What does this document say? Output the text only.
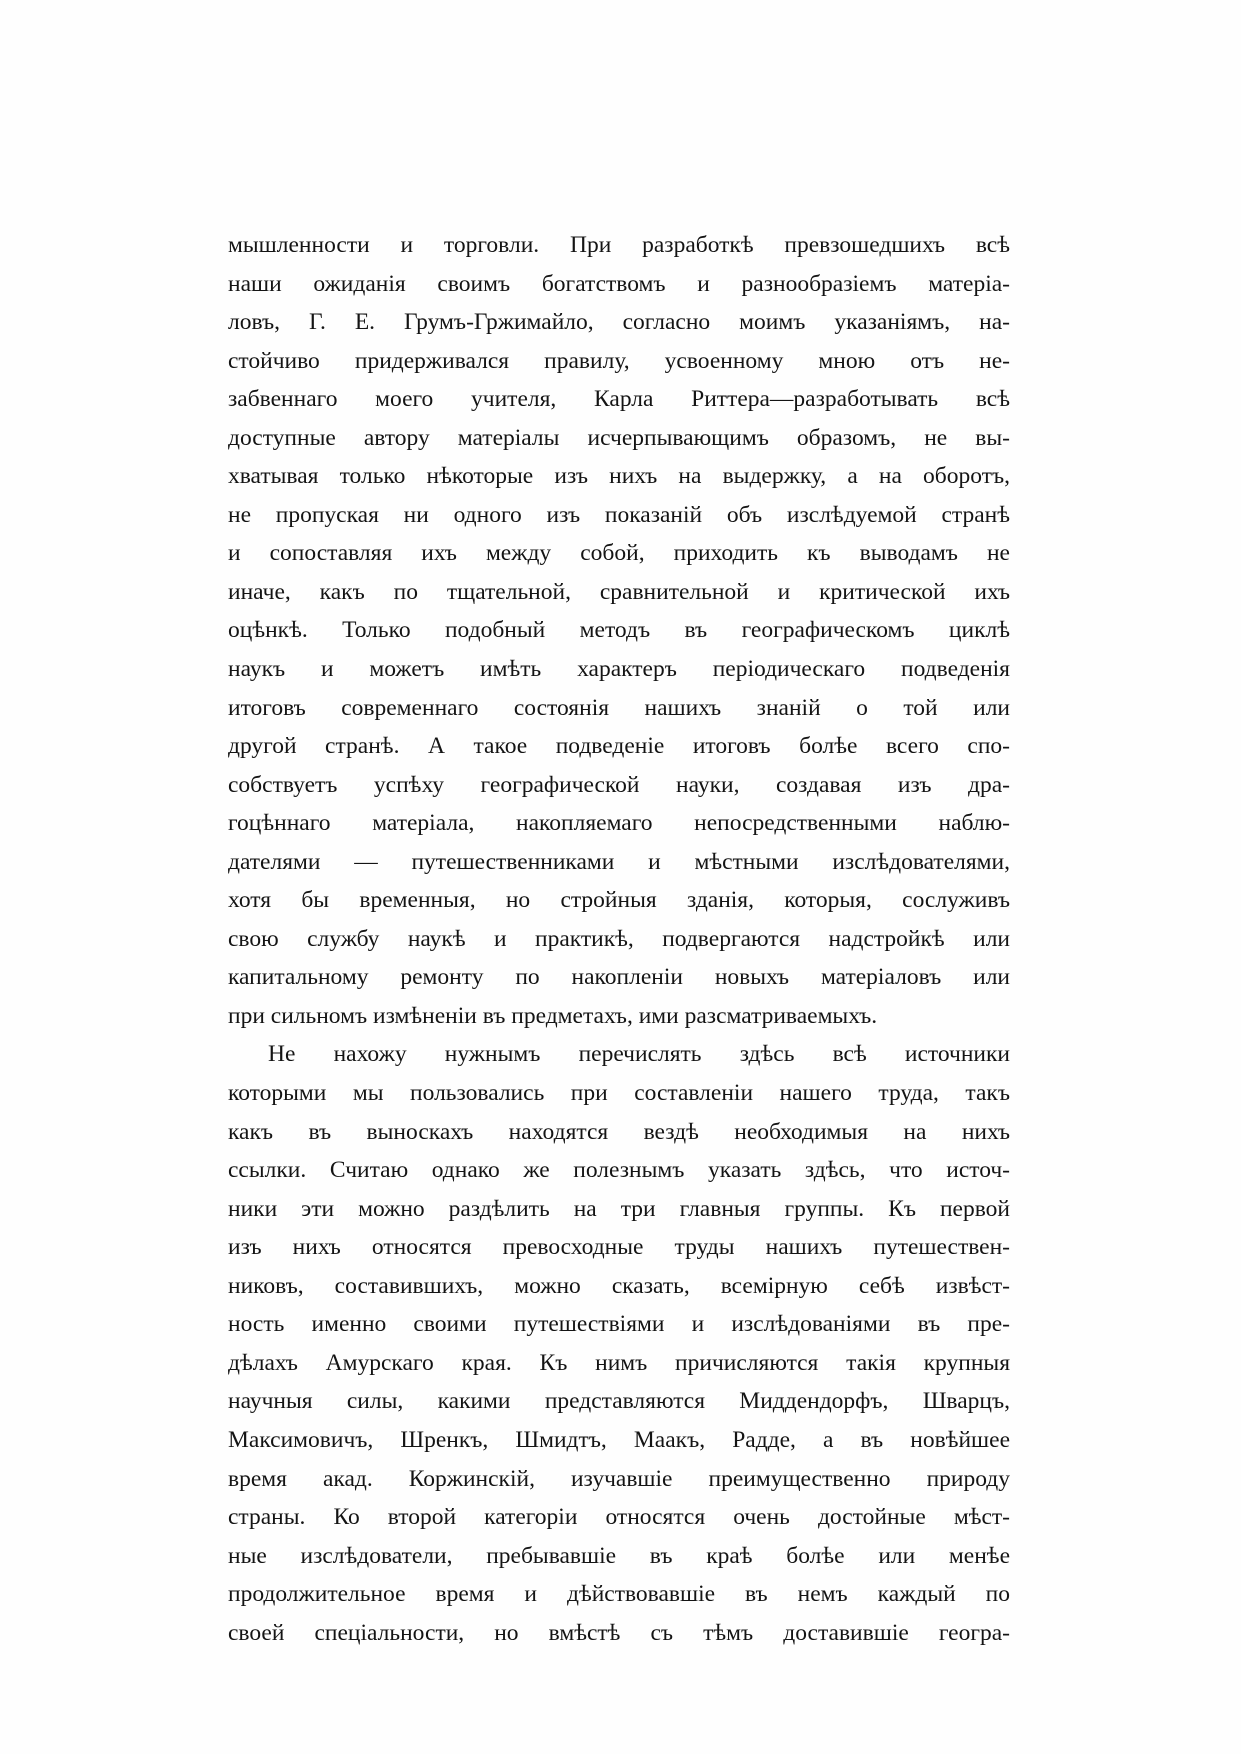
мышленности и торговли. При разработкѣ превзошедшихъ всѣ
наши ожиданія своимъ богатствомъ и разнообразіемъ матеріа-
ловъ, Г. Е. Грумъ-Гржимайло, согласно моимъ указаніямъ, на-
стойчиво придерживался правилу, усвоенному мною отъ не-
забвеннаго моего учителя, Карла Риттера—разработывать всѣ
доступные автору матеріалы исчерпывающимъ образомъ, не вы-
хватывая только нѣкоторые изъ нихъ на выдержку, а на оборотъ,
не пропуская ни одного изъ показаній объ изслѣдуемой странѣ
и сопоставляя ихъ между собой, приходить къ выводамъ не
иначе, какъ по тщательной, сравнительной и критической ихъ
оцѣнкѣ. Только подобный методъ въ географическомъ циклѣ
наукъ и можетъ имѣть характеръ періодическаго подведенія
итоговъ современнаго состоянія нашихъ знаній о той или
другой странѣ. А такое подведеніе итоговъ болѣе всего спо-
собствуетъ успѣху географической науки, создавая изъ дра-
гоцѣннаго матеріала, накопляемаго непосредственными наблю-
дателями — путешественниками и мѣстными изслѣдователями,
хотя бы временныя, но стройныя зданія, которыя, сослуживъ
свою службу наукѣ и практикѣ, подвергаются надстройкѣ или
капитальному ремонту по накопленіи новыхъ матеріаловъ или
при сильномъ измѣненіи въ предметахъ, ими разсматриваемыхъ.
Не нахожу нужнымъ перечислять здѣсь всѣ источники
которыми мы пользовались при составленіи нашего труда, такъ
какъ въ выноскахъ находятся вездѣ необходимыя на нихъ
ссылки. Считаю однако же полезнымъ указать здѣсь, что источ-
ники эти можно раздѣлить на три главныя группы. Къ первой
изъ нихъ относятся превосходные труды нашихъ путешествен-
никовъ, составившихъ, можно сказать, всемірную себѣ извѣст-
ность именно своими путешествіями и изслѣдованіями въ пре-
дѣлахъ Амурскаго края. Къ нимъ причисляются такія крупныя
научныя силы, какими представляются Миддендорфъ, Шварцъ,
Максимовичъ, Шренкъ, Шмидтъ, Маакъ, Радде, а въ новѣйшее
время акад. Коржинскій, изучавшіе преимущественно природу
страны. Ко второй категоріи относятся очень достойные мѣст-
ные изслѣдователи, пребывавшіе въ краѣ болѣе или менѣе
продолжительное время и дѣйствовавшіе въ немъ каждый по
своей спеціальности, но вмѣстѣ съ тѣмъ доставившіе геогра-
